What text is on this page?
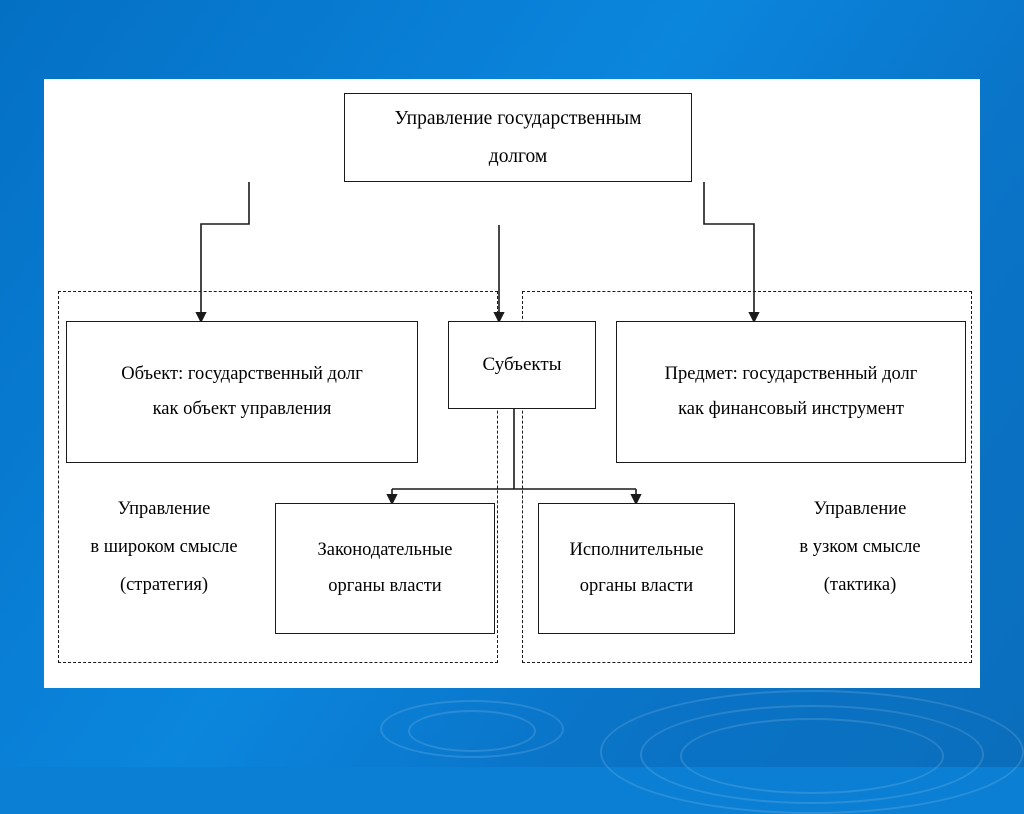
Управление государственным
долгом
Объект: государственный долг
как объект управления
Субъекты	Предмет: государственный долг
как финансовый инструмент
Законодательные
органы власти
Исполнительные
органы власти
Управление
в широком смысле
(стратегия)
Управление
в узком смысле
(тактика)
